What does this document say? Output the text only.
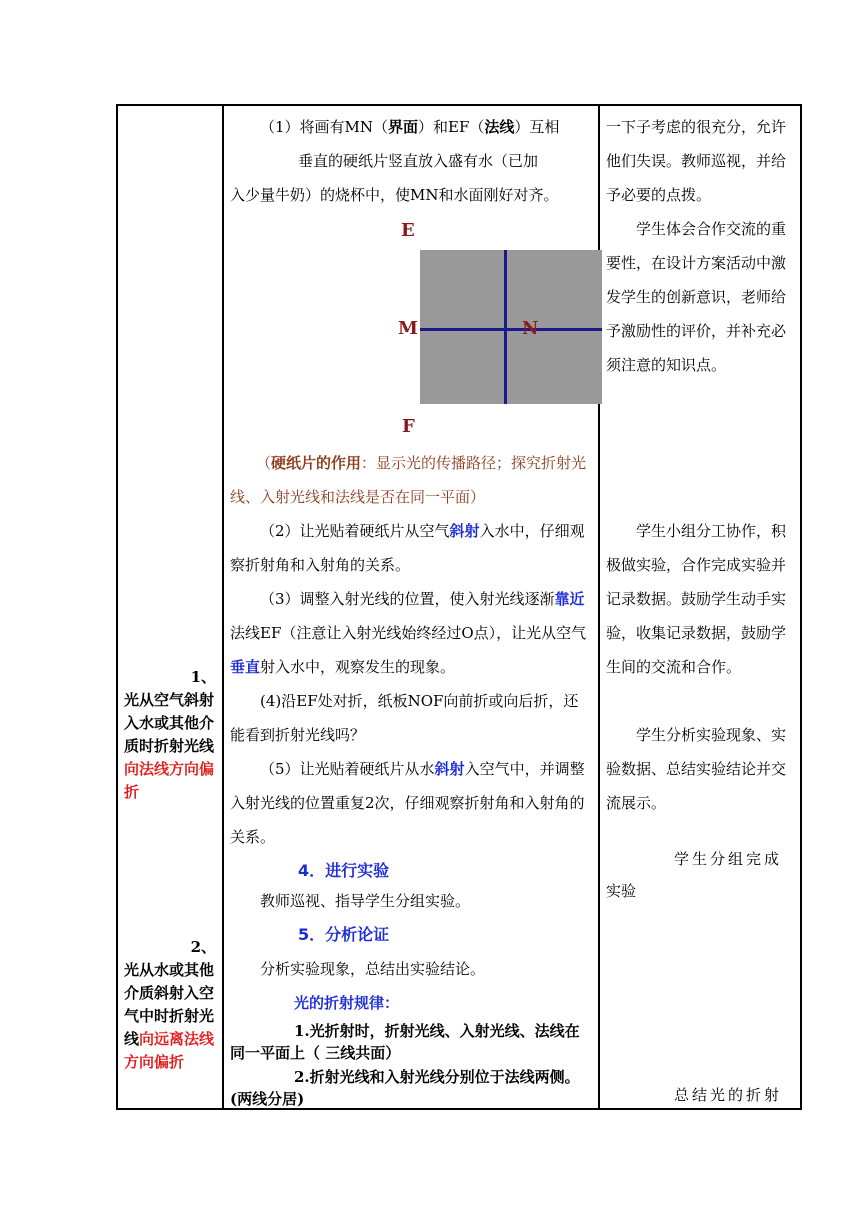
1、
光从空气斜射入水或其他介质时折射光线向法线方向偏折
2、
光从水或其他介质斜射入空气中时折射光线向远离法线方向偏折
（1）将画有MN（界面）和EF（法线）互相
垂直的硬纸片竖直放入盛有水（已加
入少量牛奶）的烧杯中，使MN和水面刚好对齐。
E
M	N
F
（硬纸片的作用：显示光的传播路径；探究折射光线、入射光线和法线是否在同一平面）
（2）让光贴着硬纸片从空气斜射入水中，仔细观察折射角和入射角的关系。
（3）调整入射光线的位置，使入射光线逐渐靠近法线EF（注意让入射光线始终经过O点），让光从空气垂直射入水中，观察发生的现象。
(4)沿EF处对折，纸板NOF向前折或向后折，还能看到折射光线吗？
（5）让光贴着硬纸片从水斜射入空气中，并调整入射光线的位置重复2次，仔细观察折射角和入射角的关系。
4．进行实验
教师巡视、指导学生分组实验。
5．分析论证
分析实验现象，总结出实验结论。
光的折射规律：
1.光折射时，折射光线、入射光线、法线在同一平面上（ 三线共面）
2.折射光线和入射光线分别位于法线两侧。(两线分居)
一下子考虑的很充分，允许他们失误。教师巡视，并给予必要的点拨。
学生体会合作交流的重要性，在设计方案活动中激发学生的创新意识，老师给予激励性的评价，并补充必须注意的知识点。
学生小组分工协作，积极做实验，合作完成实验并记录数据。鼓励学生动手实验，收集记录数据，鼓励学生间的交流和合作。
学生分析实验现象、实验数据、总结实验结论并交流展示。
学生分组完成
实验
总结光的折射
